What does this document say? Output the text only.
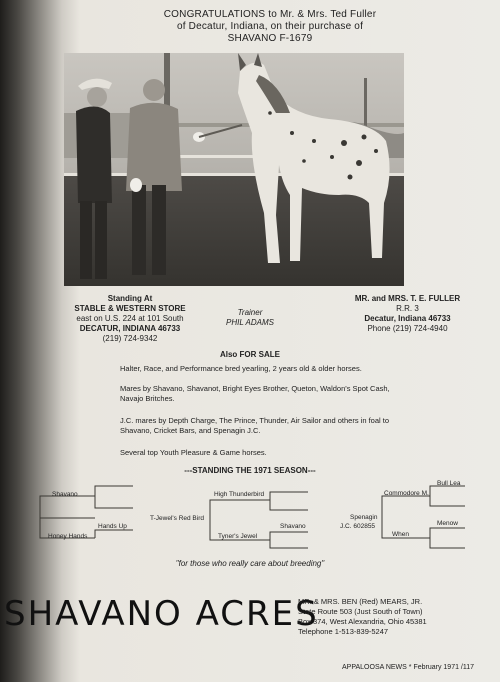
CONGRATULATIONS to Mr. & Mrs. Ted Fuller
of Decatur, Indiana, on their purchase of
SHAVANO F-1679
Standing At
STABLE & WESTERN STORE
east on U.S. 224 at 101 South
DECATUR, INDIANA 46733
(219) 724-9342
Trainer
PHIL ADAMS
MR. and MRS. T. E. FULLER
R.R. 3
Decatur, Indiana 46733
Phone (219) 724-4940
Also FOR SALE
Halter, Race, and Performance bred yearling, 2 years old & older horses.
Mares by Shavano, Shavanot, Bright Eyes Brother, Queton, Waldon's Spot Cash, Navajo Britches.
J.C. mares by Depth Charge, The Prince, Thunder, Air Sailor and others in foal to Shavano, Cricket Bars, and Spenagin J.C.
Several top Youth Pleasure & Game horses.
---STANDING THE 1971 SEASON---
Shavano
Hands Up
Honey Hands
T-Jewel's Red Bird
High Thunderbird
Tyner's Jewel
Shavano
Spenagin
J.C. 602855
Commodore M.
Bull Lea
When
Menow
"for those who really care about breeding"
SHAVANO ACRES
MR. & MRS. BEN (Red) MEARS, JR.
State Route 503 (Just South of Town)
Box 374, West Alexandria, Ohio 45381
Telephone 1-513-839-5247
APPALOOSA NEWS * February 1971 /117
